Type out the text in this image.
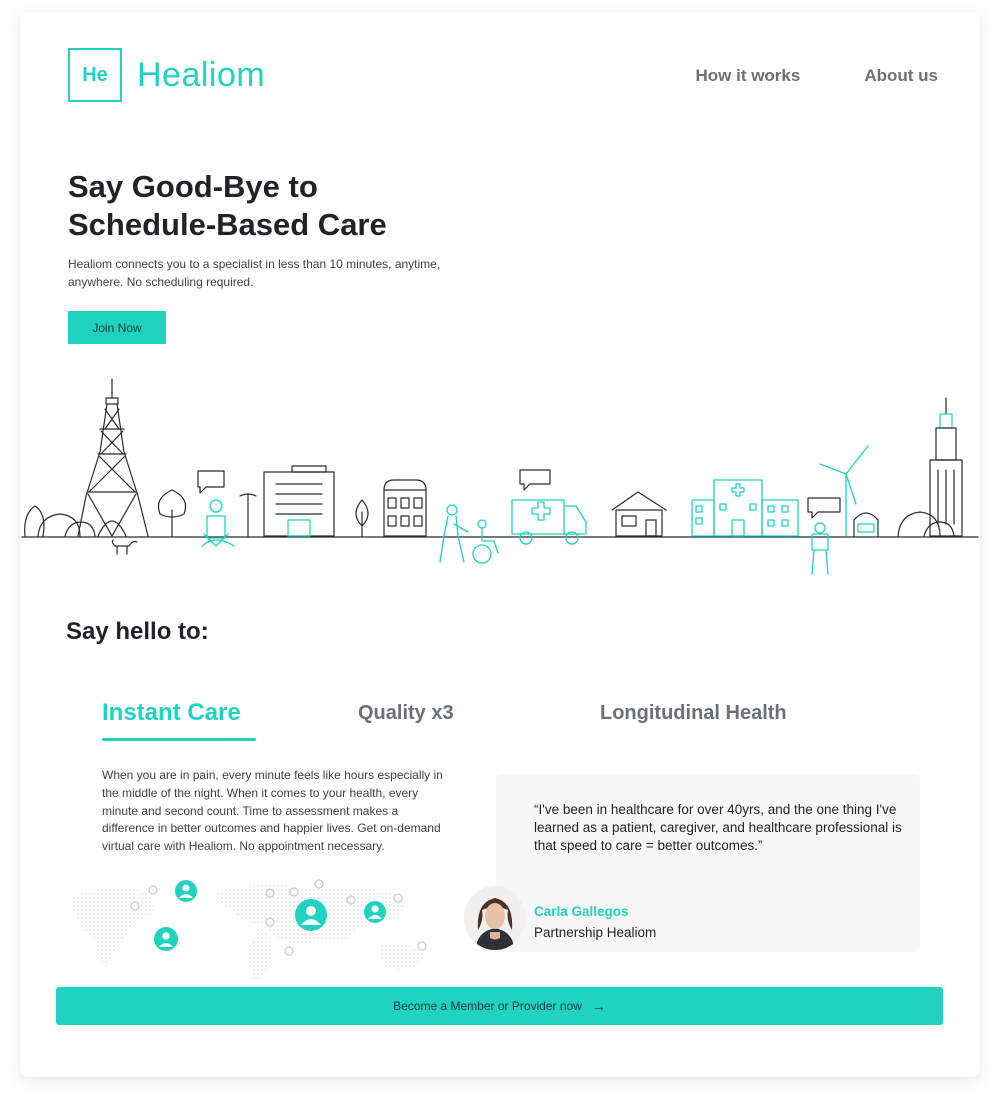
He Healiom	How it works	About us
Say Good-Bye to
Schedule-Based Care

Healiom connects you to a specialist in less than 10 minutes, anytime, anywhere. No scheduling required.

Join Now
Say hello to:
Instant Care	Quality x3	Longitudinal Health

When you are in pain, every minute feels like hours especially in the middle of the night. When it comes to your health, every minute and second count. Time to assessment makes a difference in better outcomes and happier lives. Get on-demand virtual care with Healiom. No appointment necessary.

“I've been in healthcare for over 40yrs, and the one thing I've learned as a patient, caregiver, and healthcare professional is that speed to care = better outcomes.”

Carla Gallegos
Partnership Healiom
Become a Member or Provider now →
